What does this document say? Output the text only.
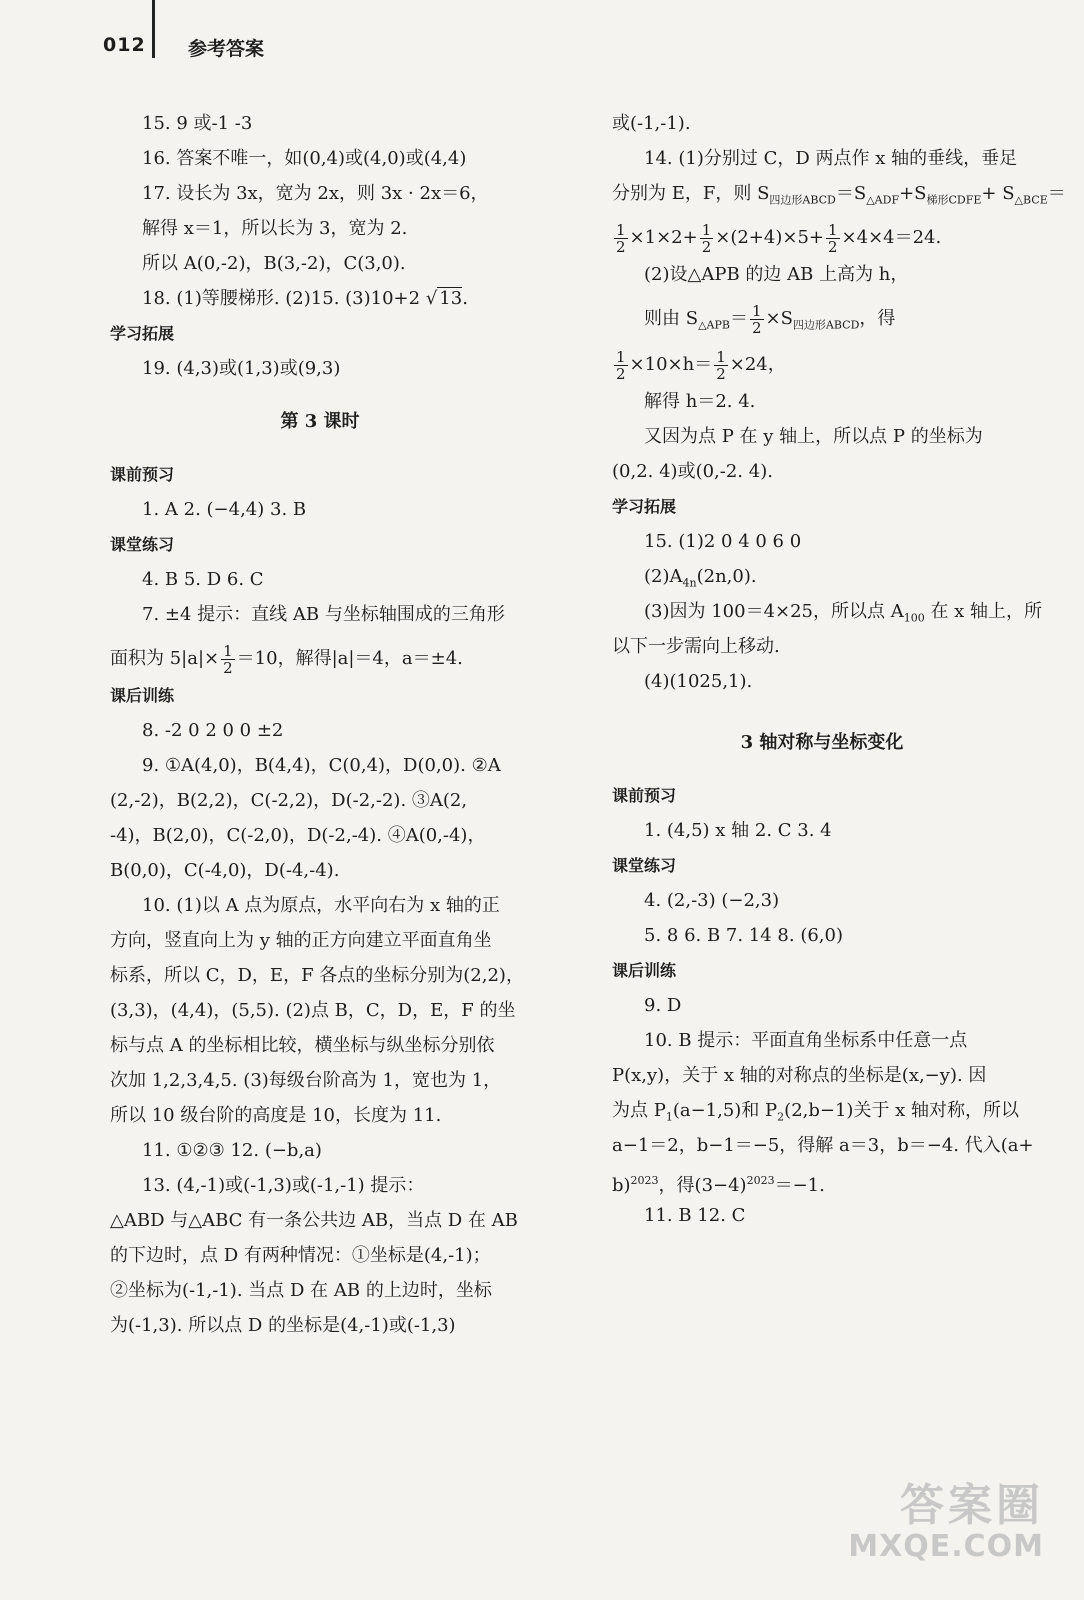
012 参考答案
15. 9 或-1 -3
16. 答案不唯一，如(0,4)或(4,0)或(4,4)
17. 设长为 3x，宽为 2x，则 3x · 2x＝6，
解得 x＝1，所以长为 3，宽为 2.
所以 A(0,-2)，B(3,-2)，C(3,0).
18. (1)等腰梯形. (2)15. (3)10+2 √ 13.
学习拓展
19. (4,3)或(1,3)或(9,3)
第 3 课时
课前预习
1. A 2. (−4,4) 3. B
课堂练习
4. B 5. D 6. C
7. ±4 提示：直线 AB 与坐标轴围成的三角形
面积为 $5|a|\times \frac{1}{2} =10$，解得|a|＝4，a＝±4.
课后训练
8. -2 0 2 0 0 ±2
9. ①A(4,0)，B(4,4)，C(0,4)，D(0,0). ②A
(2,-2)，B(2,2)，C(-2,2)，D(-2,-2). ③A(2,
-4)，B(2,0)，C(-2,0)，D(-2,-4). ④A(0,-4)，
B(0,0)，C(-4,0)，D(-4,-4).
10. (1)以 A 点为原点，水平向右为 x 轴的正
方向，竖直向上为 y 轴的正方向建立平面直角坐
标系，所以 C，D，E，F 各点的坐标分别为(2,2)，
(3,3)，(4,4)，(5,5). (2)点 B，C，D，E，F 的坐
标与点 A 的坐标相比较，横坐标与纵坐标分别依
次加 1,2,3,4,5. (3)每级台阶高为 1，宽也为 1，
所以 10 级台阶的高度是 10，长度为 11.
11. ①②③ 12. (−b,a)
13. (4,-1)或(-1,3)或(-1,-1) 提示：
△ABD 与△ABC 有一条公共边 AB，当点 D 在 AB
的下边时，点 D 有两种情况：①坐标是(4,-1)；
②坐标为(-1,-1). 当点 D 在 AB 的上边时，坐标
为(-1,3). 所以点 D 的坐标是(4,-1)或(-1,3)
或(-1,-1).
14. (1)分别过 C，D 两点作 x 轴的垂线，垂足
分别为 E，F，则 $S_{四边形ABCD}=S_{\triangle ADF}+S_{梯形CDFE}+ S_{\triangle BCE}=$
$\frac{1}{2} \times 1\times 2+ \frac{1}{2} \times(2+4)\times 5+ \frac{1}{2} \times 4\times 4=24$.
(2)设△APB 的边 AB 上高为 h，
则由 $S_{\triangle APB}= \frac{1}{2} \times S_{四边形ABCD}$，得
$\frac{1}{2} \times 10\times h= \frac{1}{2} \times 24$，
解得 h＝2. 4.
又因为点 P 在 y 轴上，所以点 P 的坐标为
(0,2. 4)或(0,-2. 4).
学习拓展
15. (1)2 0 4 0 6 0
$(2)A_{4n}(2n,0)$.
(3)因为 100＝4×25，所以点 $A_{100}$ 在 x 轴上，所
以下一步需向上移动.
(4)(1025,1).
3 轴对称与坐标变化
课前预习
1. (4,5) x 轴 2. C 3. 4
课堂练习
4. (2,-3) (−2,3)
5. 8 6. B 7. 14 8. (6,0)
课后训练
9. D
10. B 提示：平面直角坐标系中任意一点
P(x,y)，关于 x 轴的对称点的坐标是(x,−y). 因
为点 $P_1(a-1,5)$和 $P_2(2,b-1)$关于 x 轴对称，所以
a−1＝2，b−1＝−5，得解 a＝3，b＝−4. 代入(a+
b)$^{2023}$，得$(3-4)^{2023}=-1$.
11. B 12. C
答案圈
MXQE.COM
